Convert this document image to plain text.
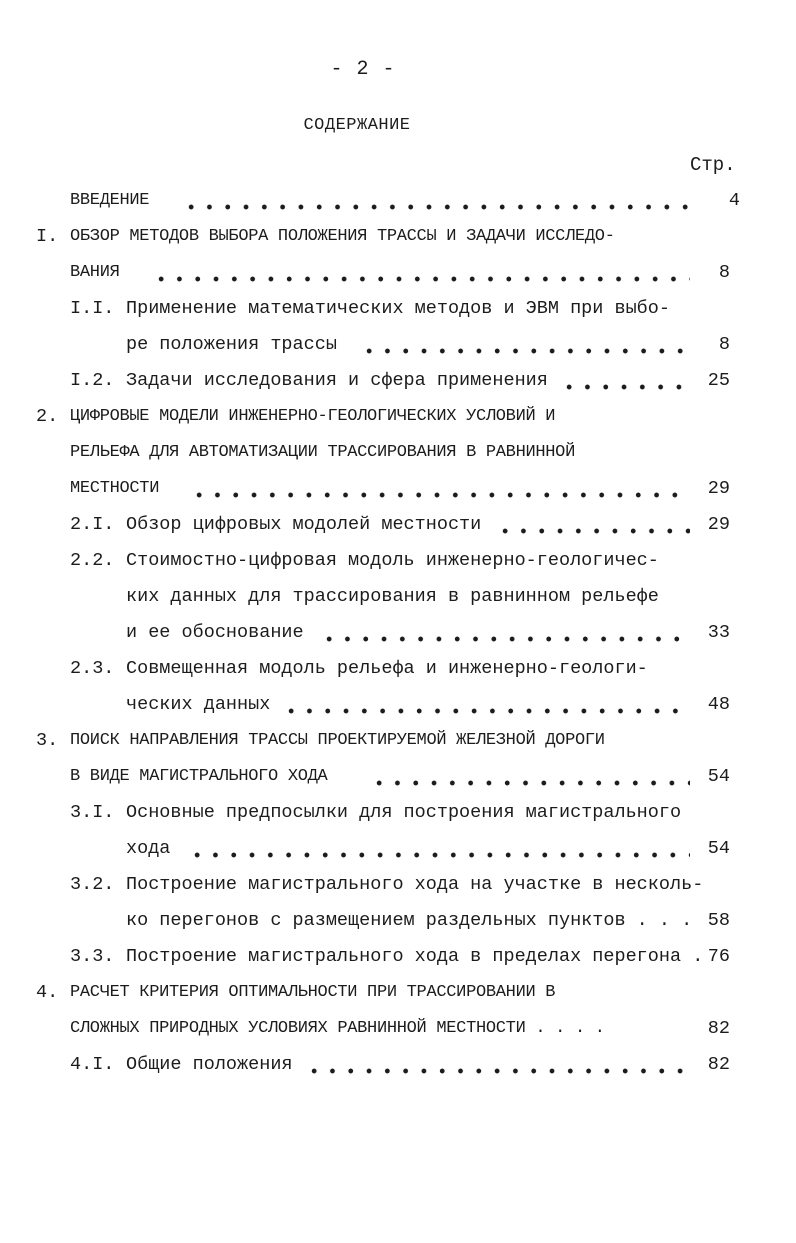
- 2 -
СОДЕРЖАНИЕ
Стр.
ВВЕДЕНИЕ	4
I. ОБЗОР МЕТОДОВ ВЫБОРА ПОЛОЖЕНИЯ ТРАССЫ И ЗАДАЧИ ИССЛЕДО-
ВАНИЯ	8
I.I. Применение математических методов и ЭВМ при выбо-
ре положения трассы	8
I.2. Задачи исследования и сфера применения	25
2. ЦИФРОВЫЕ МОДЕЛИ ИНЖЕНЕРНО-ГЕОЛОГИЧЕСКИХ УСЛОВИЙ И
РЕЛЬЕФА ДЛЯ АВТОМАТИЗАЦИИ ТРАССИРОВАНИЯ В РАВНИННОЙ
МЕСТНОСТИ	29
2.I. Обзор цифровых модолей местности	29
2.2. Стоимостно-цифровая модоль инженерно-геологичес-
ких данных для трассирования в равнинном рельефе
и ее обоснование	33
2.3. Совмещенная модоль рельефа и инженерно-геологи-
ческих данных	48
3. ПОИСК НАПРАВЛЕНИЯ ТРАССЫ ПРОЕКТИРУЕМОЙ ЖЕЛЕЗНОЙ ДОРОГИ
В ВИДЕ МАГИСТРАЛЬНОГО ХОДА	54
3.I. Основные предпосылки для построения магистрального
хода	54
3.2. Построение магистрального хода на участке в несколь-
ко перегонов с размещением раздельных пунктов . . . 58
3.3. Построение магистрального хода в пределах перегона . 76
4. РАСЧЕТ КРИТЕРИЯ ОПТИМАЛЬНОСТИ ПРИ ТРАССИРОВАНИИ В
СЛОЖНЫХ ПРИРОДНЫХ УСЛОВИЯХ РАВНИННОЙ МЕСТНОСТИ . . . .	82
4.I. Общие положения	82
